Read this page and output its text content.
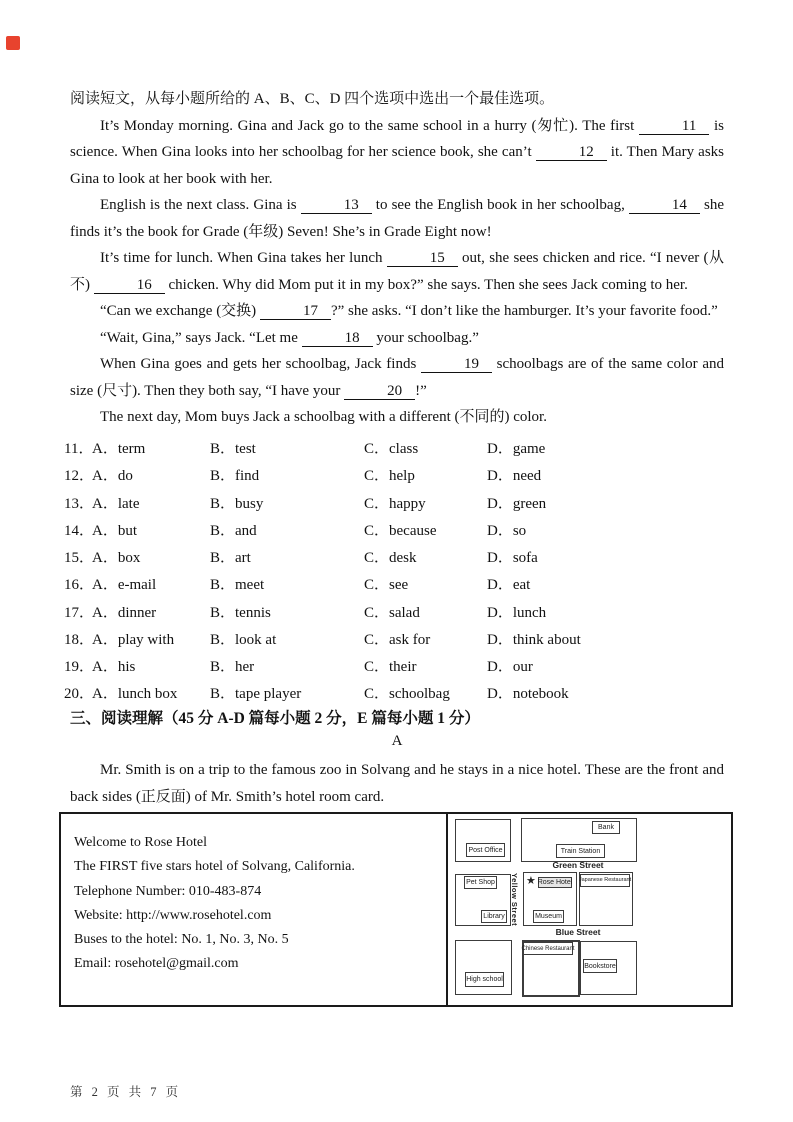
阅读短文，从每小题所给的 A、B、C、D 四个选项中选出一个最佳选项。

It’s Monday morning. Gina and Jack go to the same school in a hurry (匆忙). The first	11 is science. When Gina looks into her schoolbag for her science book, she can’t	12 it. Then Mary asks Gina to look at her book with her.

English is the next class. Gina is	13 to see the English book in her schoolbag,	14 she finds it’s the book for Grade (年级) Seven! She’s in Grade Eight now!

It’s time for lunch. When Gina takes her lunch	15 out, she sees chicken and rice. “I never (从不)	16 chicken. Why did Mom put it in my box?” she says. Then she sees Jack coming to her.

“Can we exchange (交换)	17 ?” she asks. “I don’t like the hamburger. It’s your favorite food.”

“Wait, Gina,” says Jack. “Let me	18 your schoolbag.”

When Gina goes and gets her schoolbag, Jack finds	19 schoolbags are of the same color and size (尺寸). Then they both say, “I have your	20 !”

The next day, Mom buys Jack a schoolbag with a different (不同的) color.

11．
A．term	B．test	C．class	D．game
12．
A．do	B．find	C．help	D．need
13．
A．late	B．busy	C．happy	D．green
14．
A．but	B．and	C．because	D．so
15．
A．box	B．art	C．desk	D．sofa
16．
A．e-mail	B．meet	C．see	D．eat
17．
A．dinner	B．tennis	C．salad	D．lunch
18．
A．play with B．look at	C．ask for	D．think about
19．
A．his	B．her	C．their	D．our
20．
A．lunch box B．tape player	C．schoolbag D．notebook
三、阅读理解（45 分 A-D 篇每小题 2 分，E 篇每小题 1 分）
A

Mr. Smith is on a trip to the famous zoo in Solvang and he stays in a nice hotel. These are the front and back sides (正反面) of Mr. Smith’s hotel room card.

Welcome to Rose Hotel
The FIRST five stars hotel of Solvang, California.
Telephone Number: 010-483-874
Website: http://www.rosehotel.com
Buses to the hotel: No. 1, No. 3, No. 5
Email: rosehotel@gmail.com
Post Office
Bank
Train Station
Green Street
Pet Shop
Library Yellow Street ★ Rose Hotel
Museum
Japanese Restaurant
Blue Street
High school
Chinese Restaurant
Bookstore
第 2 页 共 7 页
